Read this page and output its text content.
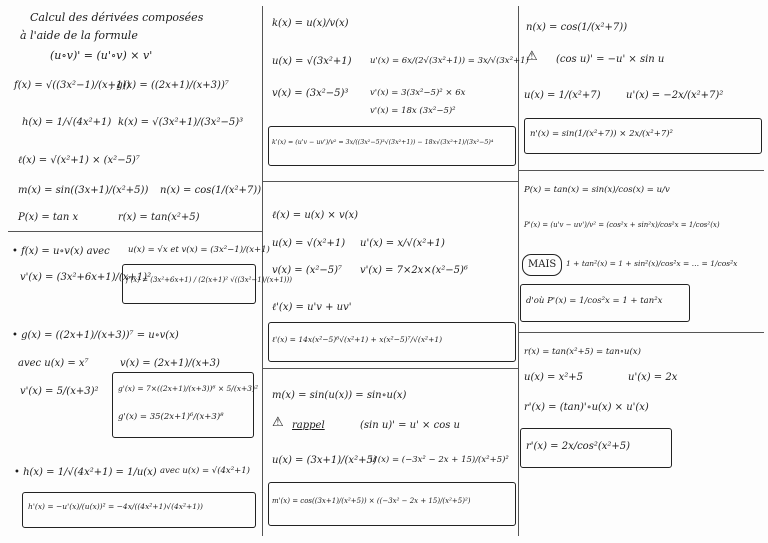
Calcul des dérivées composées
à l'aide de la formule
(u∘v)' = (u'∘v) × v'
f(x) = √((3x²−1)/(x+1))
, g(x) = ((2x+1)/(x+3))⁷
h(x) = 1/√(4x²+1) k(x) = √(3x²+1)/(3x²−5)³
ℓ(x) = √(x²+1) × (x²−5)⁷
m(x) = sin((3x+1)/(x²+5)) n(x) = cos(1/(x²+7))
P(x) = tan x	r(x) = tan(x²+5)
• f(x) = u∘v(x) avec u(x) = √x et v(x) = (3x²−1)/(x+1)
v'(x) = (3x²+6x+1)/(x+1)²
f'(x) = (3x²+6x+1) / (2(x+1)² √((3x²−1)/(x+1)))
• g(x) = ((2x+1)/(x+3))⁷ = u∘v(x)
avec u(x) = x⁷	v(x) = (2x+1)/(x+3)
v'(x) = 5/(x+3)²	g'(x) = 7×((2x+1)/(x+3))⁶ × 5/(x+3)²
g'(x) = 35(2x+1)⁶/(x+3)⁸
• h(x) = 1/√(4x²+1) = 1/u(x) avec u(x) = √(4x²+1)
h'(x) = −u'(x)/(u(x))² = −4x/((4x²+1)√(4x²+1))
k(x) = u(x)/v(x)
u(x) = √(3x²+1) u'(x) = 6x/(2√(3x²+1)) = 3x/√(3x²+1)
v(x) = (3x²−5)³	v'(x) = 3(3x²−5)² × 6x
v'(x) = 18x (3x²−5)²
k'(x) = (u'v − uv')/v² = 3x/((3x²−5)³√(3x²+1)) − 18x√(3x²+1)/(3x²−5)⁴
ℓ(x) = u(x) × v(x)
u(x) = √(x²+1) u'(x) = x/√(x²+1)
v(x) = (x²−5)⁷ v'(x) = 7×2x×(x²−5)⁶
ℓ'(x) = u'v + uv'
ℓ'(x) = 14x(x²−5)⁶√(x²+1) + x(x²−5)⁷/√(x²+1)
m(x) = sin(u(x)) = sin∘u(x)
⚠ rappel	(sin u)' = u' × cos u
u(x) = (3x+1)/(x²+5)
u'(x) = (−3x² − 2x + 15)/(x²+5)²
m'(x) = cos((3x+1)/(x²+5)) × ((−3x² − 2x + 15)/(x²+5)²)
n(x) = cos(1/(x²+7))
⚠ (cos u)' = −u' × sin u
u(x) = 1/(x²+7)	u'(x) = −2x/(x²+7)²
n'(x) = sin(1/(x²+7)) × 2x/(x²+7)²
P(x) = tan(x) = sin(x)/cos(x) = u/v
P'(x) = (u'v − uv')/v² = (cos²x + sin²x)/cos²x = 1/cos²(x)
MAIS 1 + tan²(x) = 1 + sin²(x)/cos²x = … = 1/cos²x
d'où P'(x) = 1/cos²x = 1 + tan²x
r(x) = tan(x²+5) = tan∘u(x)
u(x) = x²+5	u'(x) = 2x
r'(x) = (tan)'∘u(x) × u'(x)
r'(x) = 2x/cos²(x²+5)
